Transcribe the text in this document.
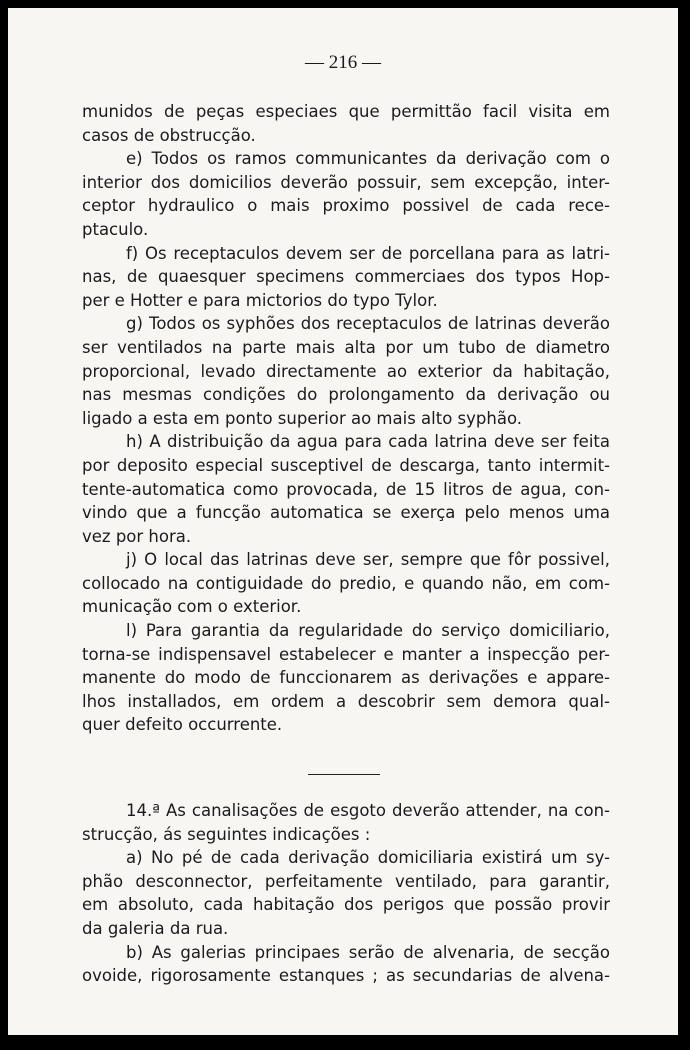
— 216 —
munidos de peças especiaes que permittão facil visita em
casos de obstrucção.
e) Todos os ramos communicantes da derivação com o
interior dos domicilios deverão possuir, sem excepção, inter-
ceptor hydraulico o mais proximo possivel de cada rece-
ptaculo.
f) Os receptaculos devem ser de porcellana para as latri-
nas, de quaesquer specimens commerciaes dos typos Hop-
per e Hotter e para mictorios do typo Tylor.
g) Todos os syphões dos receptaculos de latrinas deverão
ser ventilados na parte mais alta por um tubo de diametro
proporcional, levado directamente ao exterior da habitação,
nas mesmas condições do prolongamento da derivação ou
ligado a esta em ponto superior ao mais alto syphão.
h) A distribuição da agua para cada latrina deve ser feita
por deposito especial susceptivel de descarga, tanto intermit-
tente-automatica como provocada, de 15 litros de agua, con-
vindo que a funcção automatica se exerça pelo menos uma
vez por hora.
j) O local das latrinas deve ser, sempre que fôr possivel,
collocado na contiguidade do predio, e quando não, em com-
municação com o exterior.
l) Para garantia da regularidade do serviço domiciliario,
torna-se indispensavel estabelecer e manter a inspecção per-
manente do modo de funccionarem as derivações e appare-
lhos installados, em ordem a descobrir sem demora qual-
quer defeito occurrente.
14.ª As canalisações de esgoto deverão attender, na con-
strucção, ás seguintes indicações :
a) No pé de cada derivação domiciliaria existirá um sy-
phão desconnector, perfeitamente ventilado, para garantir,
em absoluto, cada habitação dos perigos que possão provir
da galeria da rua.
b) As galerias principaes serão de alvenaria, de secção
ovoide, rigorosamente estanques ; as secundarias de alvena-
